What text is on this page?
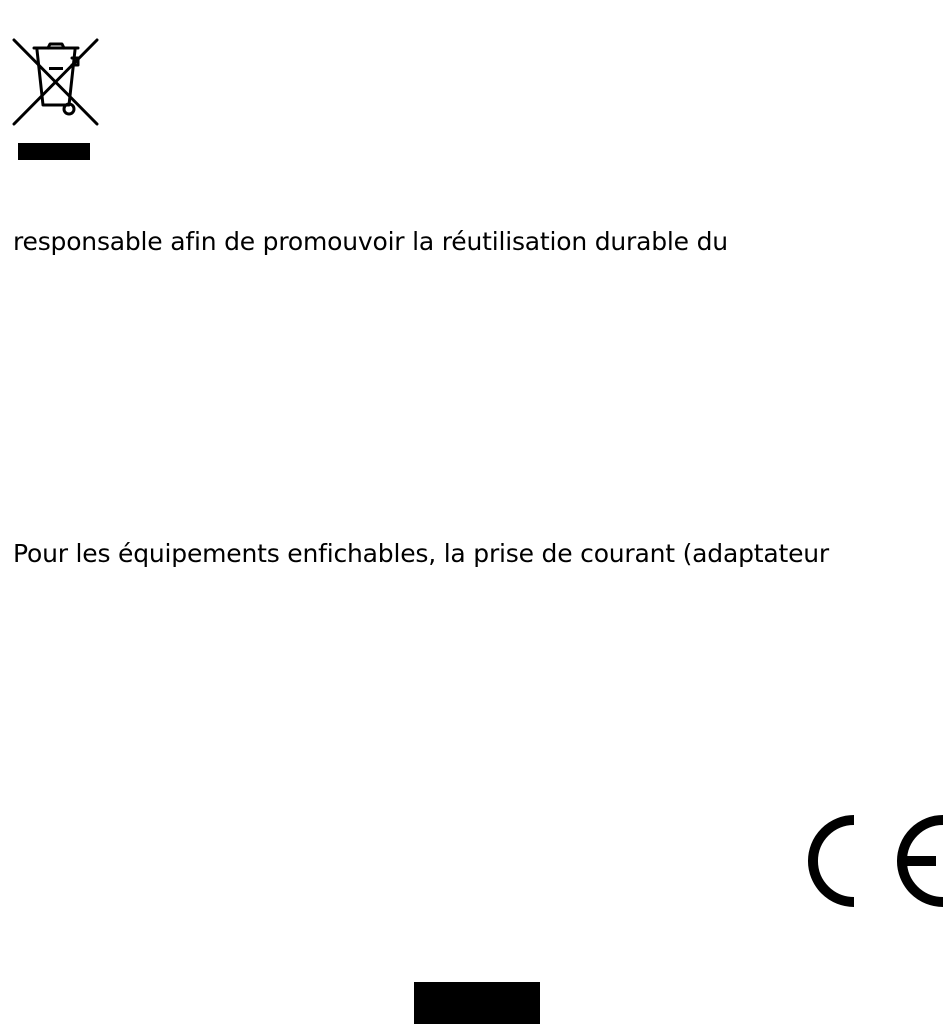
responsable afin de promouvoir la réutilisation durable du

Pour les équipements enfichables, la prise de courant (adaptateur
